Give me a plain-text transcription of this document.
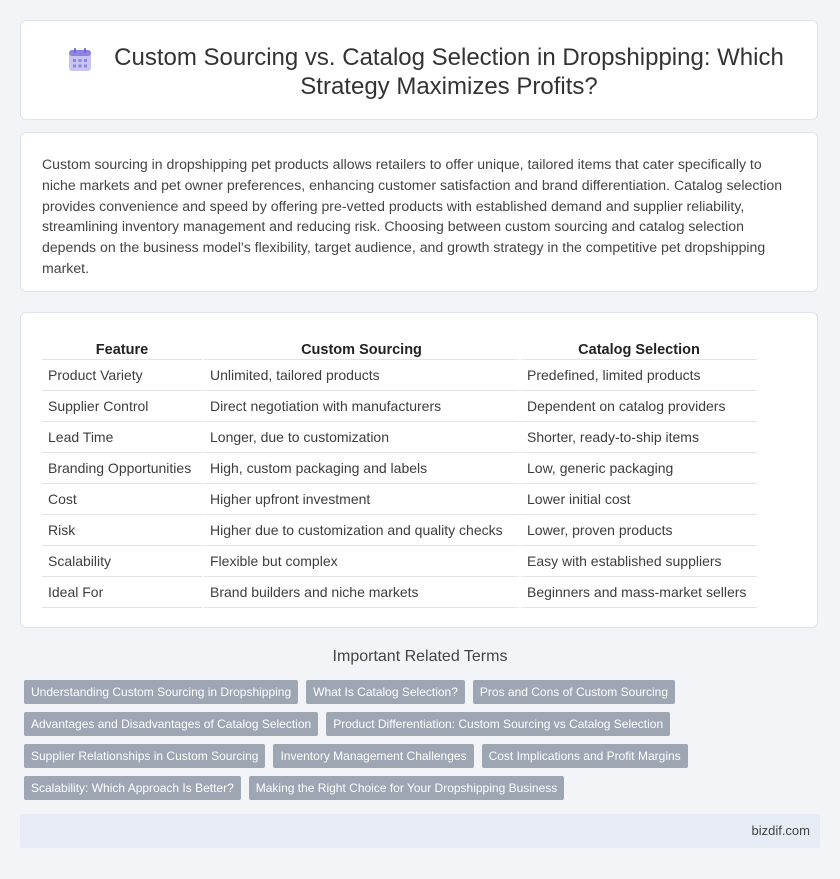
Custom Sourcing vs. Catalog Selection in Dropshipping: Which Strategy Maximizes Profits?

Custom sourcing in dropshipping pet products allows retailers to offer unique, tailored items that cater specifically to niche markets and pet owner preferences, enhancing customer satisfaction and brand differentiation. Catalog selection provides convenience and speed by offering pre-vetted products with established demand and supplier reliability, streamlining inventory management and reducing risk. Choosing between custom sourcing and catalog selection depends on the business model's flexibility, target audience, and growth strategy in the competitive pet dropshipping market.

Feature	Custom Sourcing	Catalog Selection
Product Variety	Unlimited, tailored products	Predefined, limited products
Supplier Control	Direct negotiation with manufacturers	Dependent on catalog providers
Lead Time	Longer, due to customization	Shorter, ready-to-ship items
Branding Opportunities	High, custom packaging and labels	Low, generic packaging
Cost	Higher upfront investment	Lower initial cost
Risk	Higher due to customization and quality checks	Lower, proven products
Scalability	Flexible but complex	Easy with established suppliers
Ideal For	Brand builders and niche markets	Beginners and mass-market sellers
Important Related Terms
Understanding Custom Sourcing in Dropshipping	What Is Catalog Selection?	Pros and Cons of Custom Sourcing
Advantages and Disadvantages of Catalog Selection	Product Differentiation: Custom Sourcing vs Catalog Selection
Supplier Relationships in Custom Sourcing	Inventory Management Challenges	Cost Implications and Profit Margins
Scalability: Which Approach Is Better?	Making the Right Choice for Your Dropshipping Business
bizdif.com
